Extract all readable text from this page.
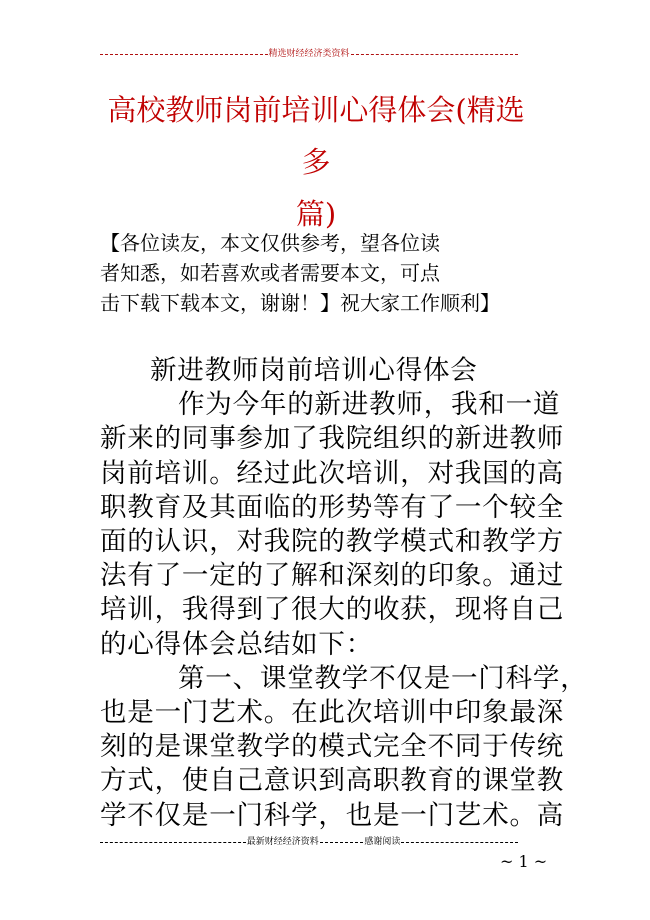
精选财经经济类资料
高校教师岗前培训心得体会(精选多
篇)

【各位读友，本文仅供参考，望各位读
者知悉，如若喜欢或者需要本文，可点
击下载下载本文，谢谢！】祝大家工作顺利】

新进教师岗前培训心得体会
作为今年的新进教师，我和一道
新来的同事参加了我院组织的新进教师
岗前培训。经过此次培训，对我国的高
职教育及其面临的形势等有了一个较全
面的认识，对我院的教学模式和教学方
法有了一定的了解和深刻的印象。通过
培训，我得到了很大的收获，现将自己
的心得体会总结如下：
第一、课堂教学不仅是一门科学，
也是一门艺术。在此次培训中印象最深
刻的是课堂教学的模式完全不同于传统
方式，使自己意识到高职教育的课堂教
学不仅是一门科学，也是一门艺术。高
最新财经经济资料	感谢阅读
~ 1 ~
